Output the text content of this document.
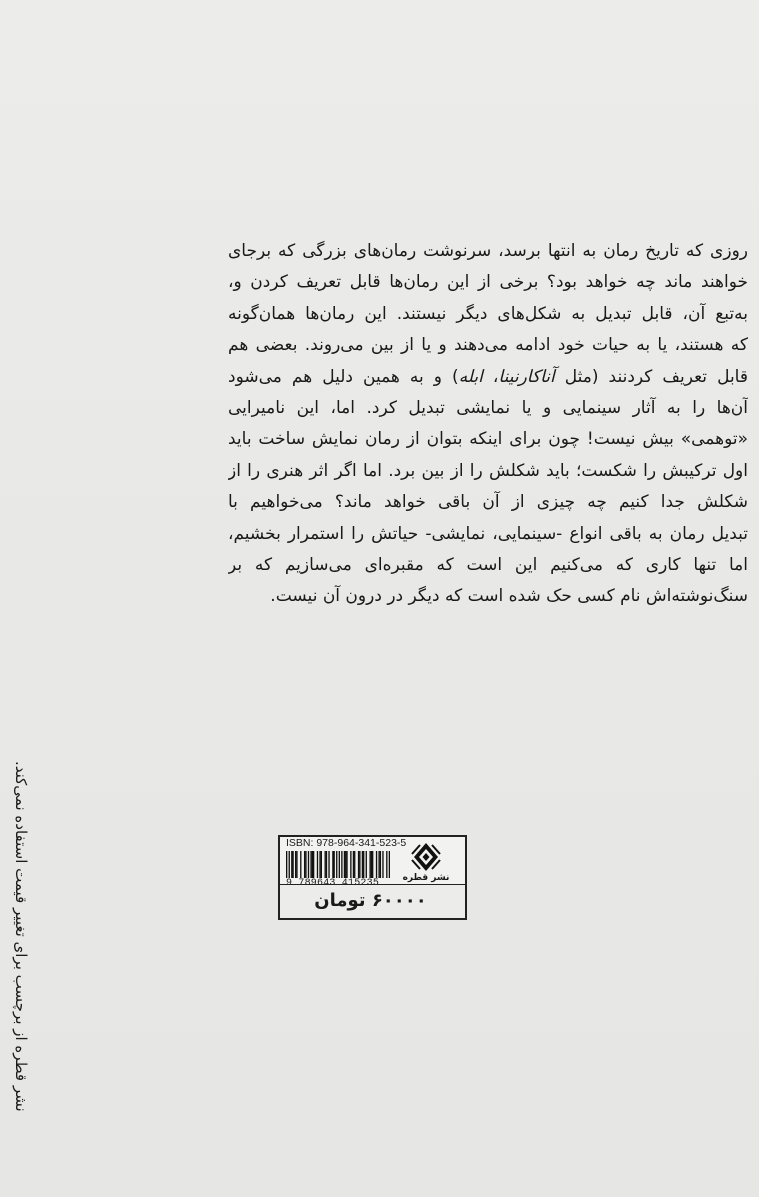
روزی که تاریخ رمان به انتها برسد، سرنوشت رمان‌های بزرگی که برجای
خواهند ماند چه خواهد بود؟ برخی از این رمان‌ها قابل تعریف کردن و،
به‌تبع آن، قابل تبدیل به شکل‌های دیگر نیستند. این رمان‌ها همان‌گونه
که هستند، یا به حیات خود ادامه می‌دهند و یا از بین می‌روند. بعضی هم
قابل تعریف کردنند (مثل آناکارنینا، ابله) و به همین دلیل هم می‌شود
آن‌ها را به آثار سینمایی و یا نمایشی تبدیل کرد. اما، این نامیرایی
«توهمی» بیش نیست! چون برای اینکه بتوان از رمان نمایش ساخت باید
اول ترکیبش را شکست؛ باید شکلش را از بین برد. اما اگر اثر هنری را از
شکلش جدا کنیم چه چیزی از آن باقی خواهد ماند؟ می‌خواهیم با
تبدیل رمان به باقی انواع -سینمایی، نمایشی- حیاتش را استمرار بخشیم،
اما تنها کاری که می‌کنیم این است که مقبره‌ای می‌سازیم که بر
سنگ‌نوشته‌اش نام کسی حک شده است که دیگر در درون آن نیست.
نشر قطره از برچسب برای تغییر قیمت استفاده نمی‌کند.	ISBN: 978-964-341-523-5
نشر قطره
۶۰۰۰۰ تومان
